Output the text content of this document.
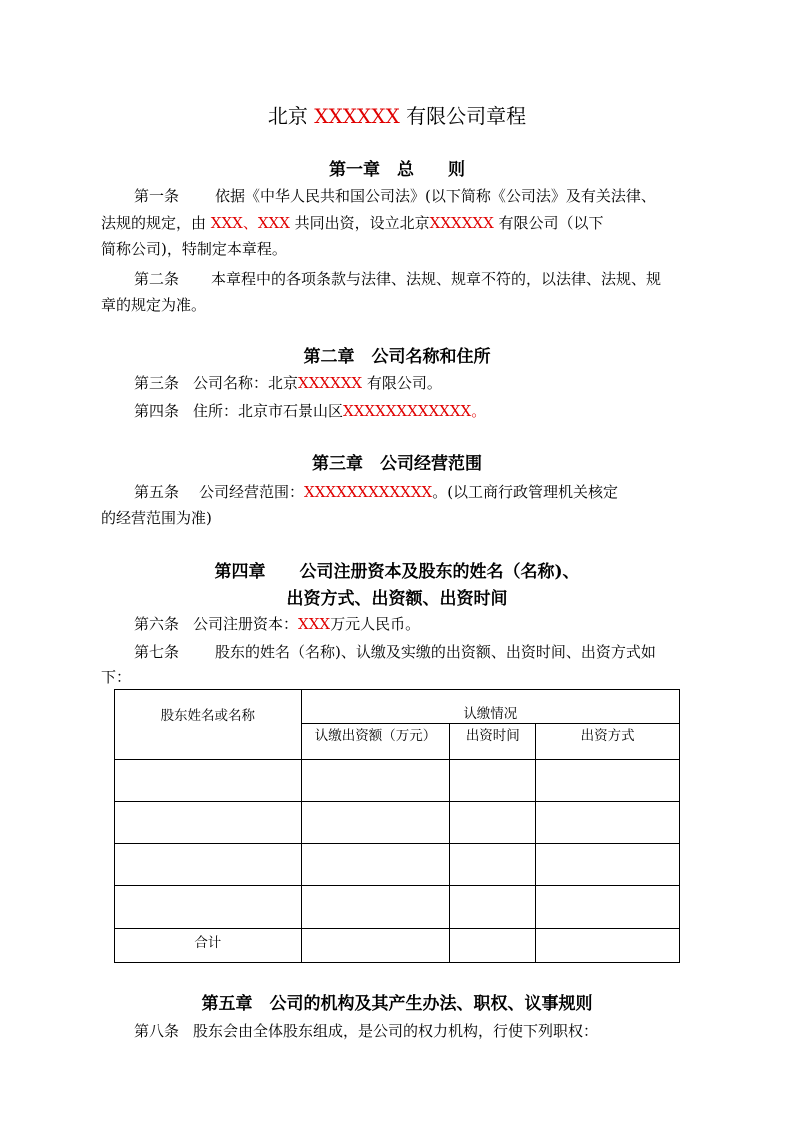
北京 XXXXXX 有限公司章程
第一章　总　　则
第一条 依据《中华人民共和国公司法》(以下简称《公司法》及有关法律、
法规的规定，由 XXX、XXX 共同出资，设立北京XXXXXX 有限公司（以下
简称公司)，特制定本章程。
第二条 本章程中的各项条款与法律、法规、规章不符的，以法律、法规、规
章的规定为准。
第二章　公司名称和住所
第三条 公司名称：北京XXXXXX 有限公司。
第四条 住所：北京市石景山区XXXXXXXXXXXX。
第三章　公司经营范围
第五条 公司经营范围：XXXXXXXXXXXX。(以工商行政管理机关核定
的经营范围为准)
第四章　　公司注册资本及股东的姓名（名称)、
出资方式、出资额、出资时间
第六条 公司注册资本：XXX万元人民币。
第七条 股东的姓名（名称)、认缴及实缴的出资额、出资时间、出资方式如
下：
股东姓名或名称	认缴情况		
	认缴出资额（万元）	出资时间	出资方式

合计			
第五章　公司的机构及其产生办法、职权、议事规则
第八条 股东会由全体股东组成，是公司的权力机构，行使下列职权：
